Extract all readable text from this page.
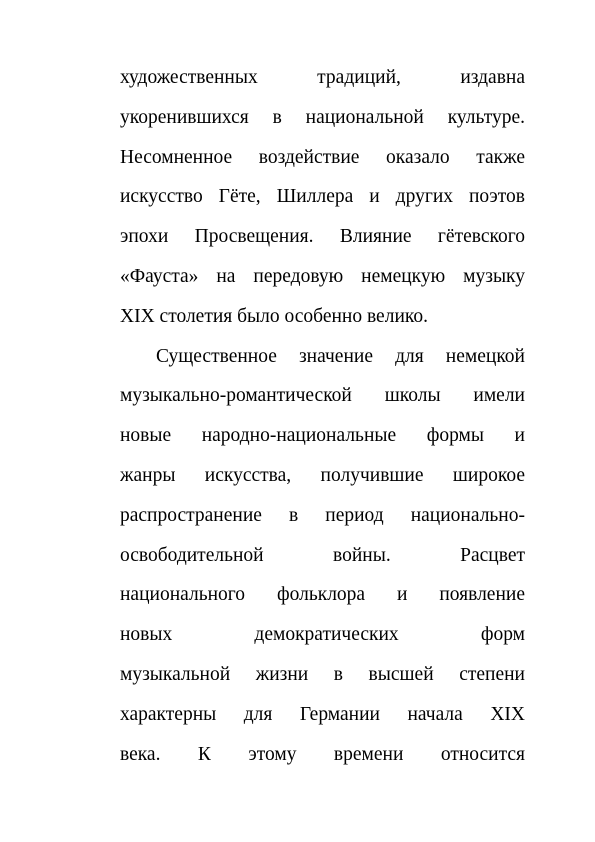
художественных традиций, издавна
укоренившихся в национальной культуре.
Несомненное воздействие оказало также
искусство Гёте, Шиллера и других поэтов
эпохи Просвещения. Влияние гётевского
«Фауста» на передовую немецкую музыку
XIX столетия было особенно велико.
Существенное значение для немецкой
музыкально-романтической школы имели
новые народно-национальные формы и
жанры искусства, получившие широкое
распространение в период национально-
освободительной войны. Расцвет
национального фольклора и появление
новых демократических форм
музыкальной жизни в высшей степени
характерны для Германии начала XIX
века. К этому времени относится
